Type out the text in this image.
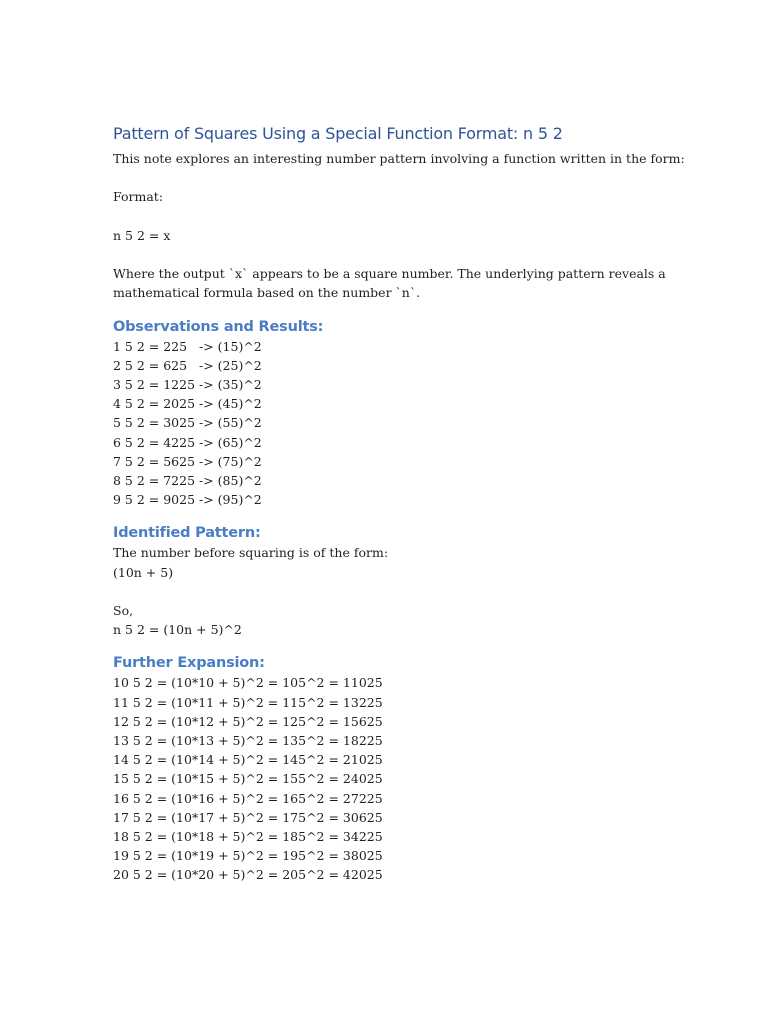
Pattern of Squares Using a Special Function Format: n 5 2

This note explores an interesting number pattern involving a function written in the form:

Format:

n 5 2 = x

Where the output `x` appears to be a square number. The underlying pattern reveals a

mathematical formula based on the number `n`.

Observations and Results:
1 5 2 = 225 -> (15)^2
2 5 2 = 625 -> (25)^2
3 5 2 = 1225 -> (35)^2
4 5 2 = 2025 -> (45)^2
5 5 2 = 3025 -> (55)^2
6 5 2 = 4225 -> (65)^2
7 5 2 = 5625 -> (75)^2
8 5 2 = 7225 -> (85)^2
9 5 2 = 9025 -> (95)^2
Identified Pattern:

The number before squaring is of the form:

(10n + 5)

So,

n 5 2 = (10n + 5)^2

Further Expansion:
10 5 2 = (10*10 + 5)^2 = 105^2 = 11025
11 5 2 = (10*11 + 5)^2 = 115^2 = 13225
12 5 2 = (10*12 + 5)^2 = 125^2 = 15625
13 5 2 = (10*13 + 5)^2 = 135^2 = 18225
14 5 2 = (10*14 + 5)^2 = 145^2 = 21025
15 5 2 = (10*15 + 5)^2 = 155^2 = 24025
16 5 2 = (10*16 + 5)^2 = 165^2 = 27225
17 5 2 = (10*17 + 5)^2 = 175^2 = 30625
18 5 2 = (10*18 + 5)^2 = 185^2 = 34225
19 5 2 = (10*19 + 5)^2 = 195^2 = 38025
20 5 2 = (10*20 + 5)^2 = 205^2 = 42025
